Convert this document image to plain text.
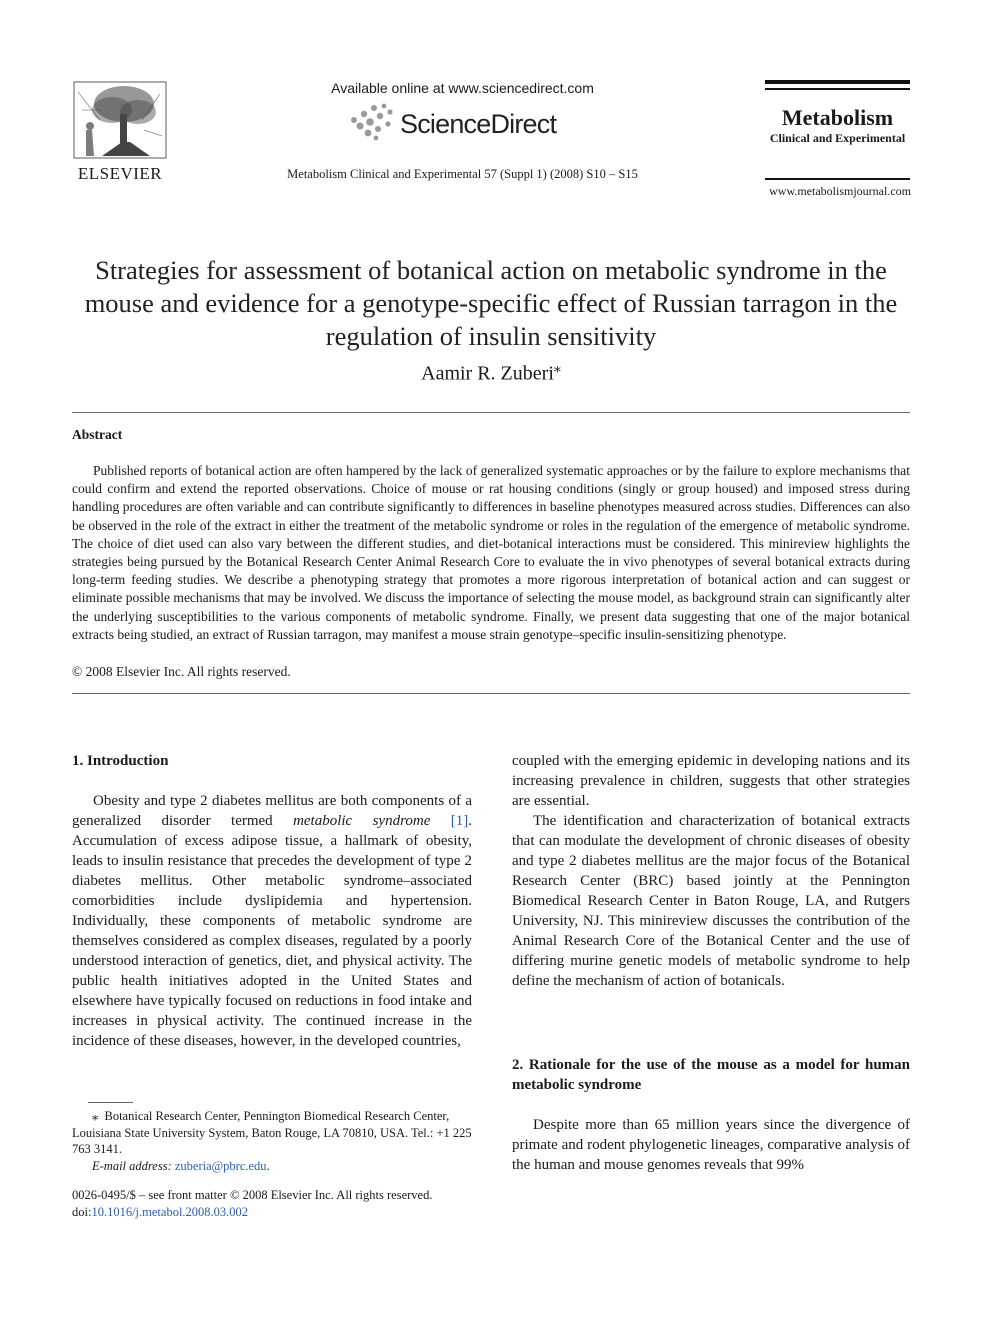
ELSEVIER
Available online at www.sciencedirect.com
ScienceDirect
Metabolism Clinical and Experimental 57 (Suppl 1) (2008) S10 – S15
Metabolism
Clinical and Experimental
www.metabolismjournal.com
Strategies for assessment of botanical action on metabolic syndrome in the mouse and evidence for a genotype-specific effect of Russian tarragon in the regulation of insulin sensitivity
Aamir R. Zuberi⁎
Abstract
Published reports of botanical action are often hampered by the lack of generalized systematic approaches or by the failure to explore mechanisms that could confirm and extend the reported observations. Choice of mouse or rat housing conditions (singly or group housed) and imposed stress during handling procedures are often variable and can contribute significantly to differences in baseline phenotypes measured across studies. Differences can also be observed in the role of the extract in either the treatment of the metabolic syndrome or roles in the regulation of the emergence of metabolic syndrome. The choice of diet used can also vary between the different studies, and diet-botanical interactions must be considered. This minireview highlights the strategies being pursued by the Botanical Research Center Animal Research Core to evaluate the in vivo phenotypes of several botanical extracts during long-term feeding studies. We describe a phenotyping strategy that promotes a more rigorous interpretation of botanical action and can suggest or eliminate possible mechanisms that may be involved. We discuss the importance of selecting the mouse model, as background strain can significantly alter the underlying susceptibilities to the various components of metabolic syndrome. Finally, we present data suggesting that one of the major botanical extracts being studied, an extract of Russian tarragon, may manifest a mouse strain genotype–specific insulin-sensitizing phenotype.
© 2008 Elsevier Inc. All rights reserved.
1. Introduction

Obesity and type 2 diabetes mellitus are both components of a generalized disorder termed metabolic syndrome [1]. Accumulation of excess adipose tissue, a hallmark of obesity, leads to insulin resistance that precedes the development of type 2 diabetes mellitus. Other metabolic syndrome–associated comorbidities include dyslipidemia and hypertension. Individually, these components of metabolic syndrome are themselves considered as complex diseases, regulated by a poorly understood interaction of genetics, diet, and physical activity. The public health initiatives adopted in the United States and elsewhere have typically focused on reductions in food intake and increases in physical activity. The continued increase in the incidence of these diseases, however, in the developed countries,

⁎ Botanical Research Center, Pennington Biomedical Research Center, Louisiana State University System, Baton Rouge, LA 70810, USA. Tel.: +1 225 763 3141.

E-mail address: zuberia@pbrc.edu.

0026-0495/$ – see front matter © 2008 Elsevier Inc. All rights reserved.
doi:10.1016/j.metabol.2008.03.002

coupled with the emerging epidemic in developing nations and its increasing prevalence in children, suggests that other strategies are essential.

The identification and characterization of botanical extracts that can modulate the development of chronic diseases of obesity and type 2 diabetes mellitus are the major focus of the Botanical Research Center (BRC) based jointly at the Pennington Biomedical Research Center in Baton Rouge, LA, and Rutgers University, NJ. This minireview discusses the contribution of the Animal Research Core of the Botanical Center and the use of differing murine genetic models of metabolic syndrome to help define the mechanism of action of botanicals.

2. Rationale for the use of the mouse as a model for human metabolic syndrome

Despite more than 65 million years since the divergence of primate and rodent phylogenetic lineages, comparative analysis of the human and mouse genomes reveals that 99%
